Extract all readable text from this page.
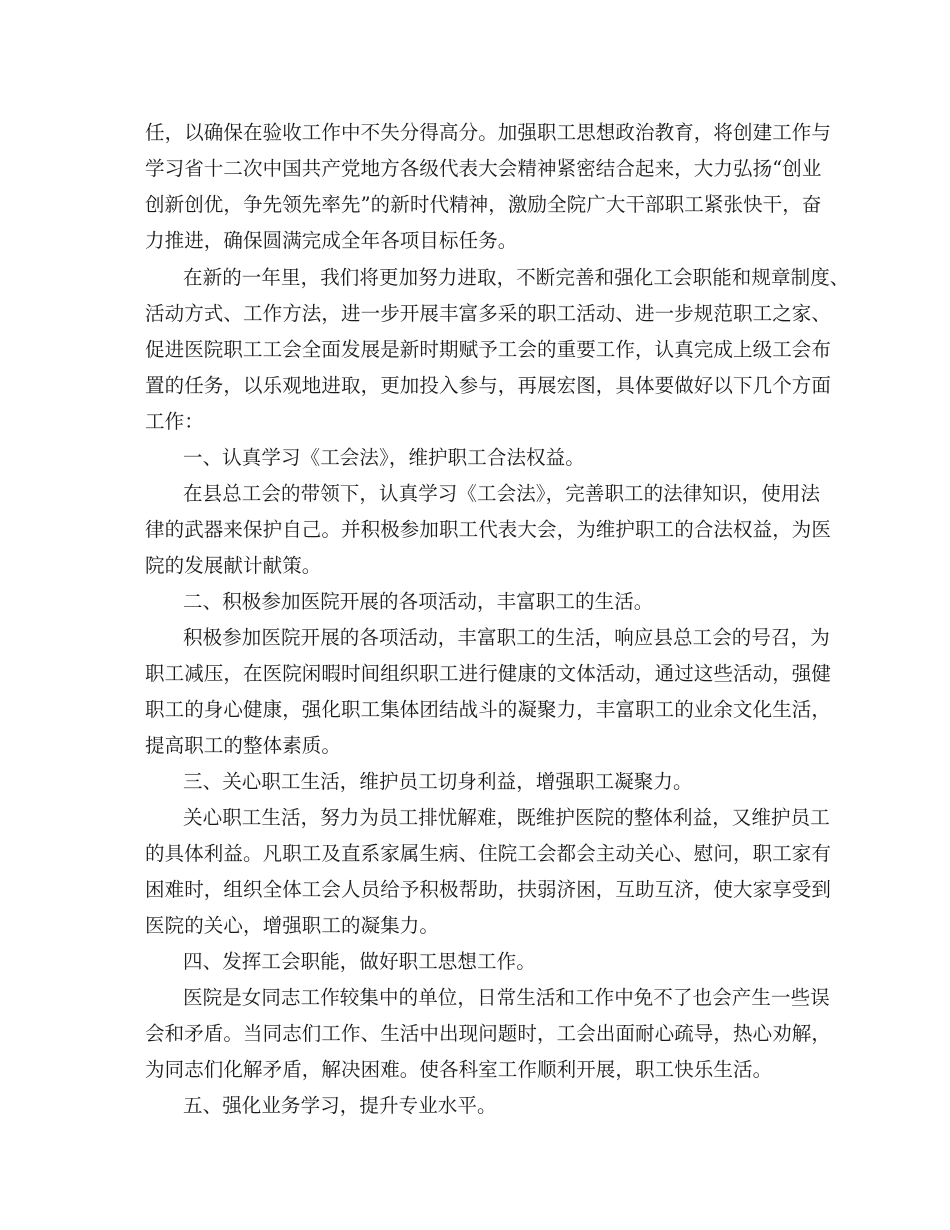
任，以确保在验收工作中不失分得高分。加强职工思想政治教育，将创建工作与

学习省十二次中国共产党地方各级代表大会精神紧密结合起来，大力弘扬“创业

创新创优，争先领先率先”的新时代精神，激励全院广大干部职工紧张快干，奋

力推进，确保圆满完成全年各项目标任务。

在新的一年里，我们将更加努力进取，不断完善和强化工会职能和规章制度、

活动方式、工作方法，进一步开展丰富多采的职工活动、进一步规范职工之家、

促进医院职工工会全面发展是新时期赋予工会的重要工作，认真完成上级工会布

置的任务，以乐观地进取，更加投入参与，再展宏图，具体要做好以下几个方面

工作：

一、认真学习《工会法》，维护职工合法权益。

在县总工会的带领下，认真学习《工会法》，完善职工的法律知识，使用法

律的武器来保护自己。并积极参加职工代表大会，为维护职工的合法权益，为医

院的发展献计献策。

二、积极参加医院开展的各项活动，丰富职工的生活。

积极参加医院开展的各项活动，丰富职工的生活，响应县总工会的号召，为

职工减压，在医院闲暇时间组织职工进行健康的文体活动，通过这些活动，强健

职工的身心健康，强化职工集体团结战斗的凝聚力，丰富职工的业余文化生活，

提高职工的整体素质。

三、关心职工生活，维护员工切身利益，增强职工凝聚力。

关心职工生活，努力为员工排忧解难，既维护医院的整体利益，又维护员工

的具体利益。凡职工及直系家属生病、住院工会都会主动关心、慰问，职工家有

困难时，组织全体工会人员给予积极帮助，扶弱济困，互助互济，使大家享受到

医院的关心，增强职工的凝集力。

四、发挥工会职能，做好职工思想工作。

医院是女同志工作较集中的单位，日常生活和工作中免不了也会产生一些误

会和矛盾。当同志们工作、生活中出现问题时，工会出面耐心疏导，热心劝解，

为同志们化解矛盾，解决困难。使各科室工作顺利开展，职工快乐生活。

五、强化业务学习，提升专业水平。
